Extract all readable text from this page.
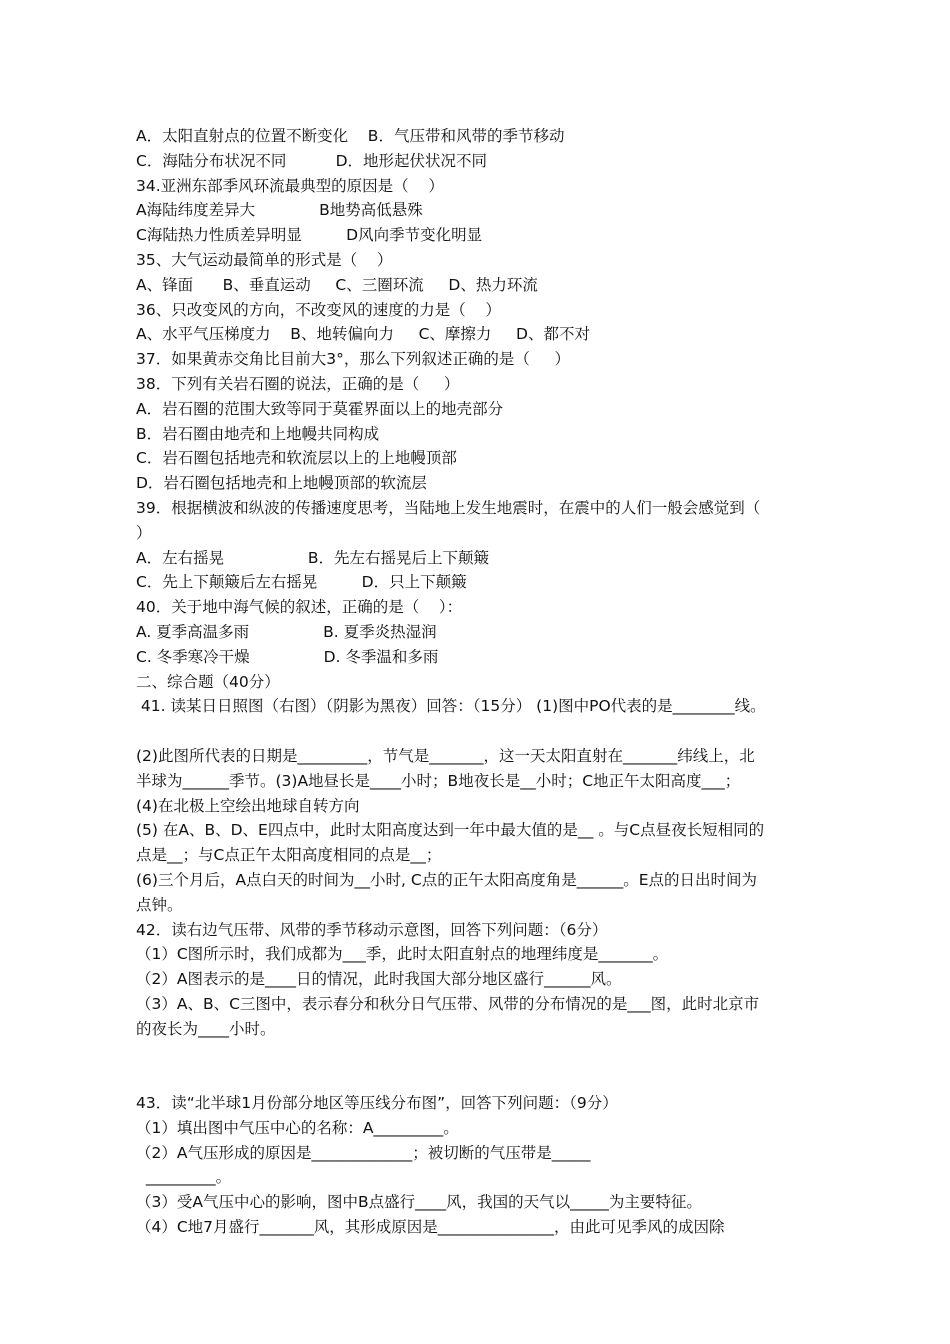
A．太阳直射点的位置不断变化    B．气压带和风带的季节移动
C．海陆分布状况不同          D．地形起伏状况不同
34.亚洲东部季风环流最典型的原因是（    ）
A海陆纬度差异大             B地势高低悬殊
C海陆热力性质差异明显         D风向季节变化明显
35、大气运动最简单的形式是（    ）
A、锋面      B、垂直运动     C、三圈环流     D、热力环流
36、只改变风的方向，不改变风的速度的力是（    ）
A、水平气压梯度力    B、地转偏向力     C、摩擦力     D、都不对
37．如果黄赤交角比目前大3°，那么下列叙述正确的是（     ）
38．下列有关岩石圈的说法，正确的是（     ）
A．岩石圈的范围大致等同于莫霍界面以上的地壳部分
B．岩石圈由地壳和上地幔共同构成
C．岩石圈包括地壳和软流层以上的上地幔顶部
D．岩石圈包括地壳和上地幔顶部的软流层
39．根据横波和纵波的传播速度思考，当陆地上发生地震时，在震中的人们一般会感觉到（
）
A．左右摇晃                 B．先左右摇晃后上下颠簸
C．先上下颠簸后左右摇晃         D．只上下颠簸
40．关于地中海气候的叙述，正确的是（    ）：
A. 夏季高温多雨               B. 夏季炎热湿润
C. 冬季寒冷干燥               D. 冬季温和多雨
二、综合题（40分）
41. 读某日日照图（右图）（阴影为黑夜）回答：（15分） (1)图中PO代表的是________线。
(2)此图所代表的日期是_________，节气是_______，这一天太阳直射在_______纬线上，北
半球为______季节。(3)A地昼长是____小时；B地夜长是__小时；C地正午太阳高度___；
(4)在北极上空绘出地球自转方向
(5) 在A、B、D、E四点中，此时太阳高度达到一年中最大值的是__ 。与C点昼夜长短相同的
点是__；与C点正午太阳高度相同的点是__；
(6)三个月后，A点白天的时间为__小时, C点的正午太阳高度角是______。E点的日出时间为
点钟。
42．读右边气压带、风带的季节移动示意图，回答下列问题：（6分）
（1）C图所示时，我们成都为___季，此时太阳直射点的地理纬度是_______。
（2）A图表示的是____日的情况，此时我国大部分地区盛行______风。
（3）A、B、C三图中，表示春分和秋分日气压带、风带的分布情况的是___图，此时北京市
的夜长为____小时。
43．读“北半球1月份部分地区等压线分布图”，回答下列问题：（9分）
（1）填出图中气压中心的名称：A_________。
（2）A气压形成的原因是_____________；被切断的气压带是_____
_________。
（3）受A气压中心的影响，图中B点盛行____风，我国的天气以_____为主要特征。
（4）C地7月盛行_______风，其形成原因是_______________，由此可见季风的成因除
